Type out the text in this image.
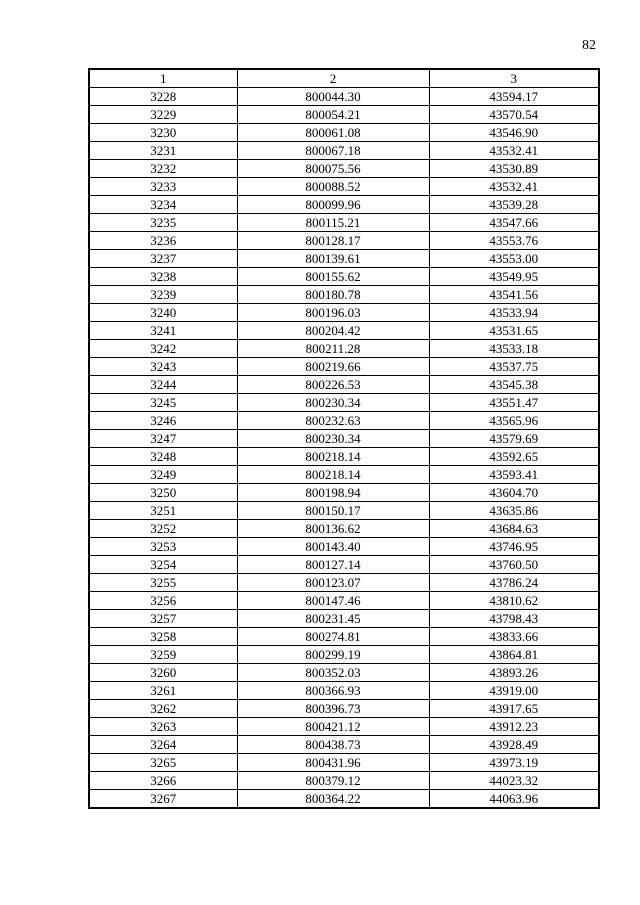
82
1	2	3
3228	800044.30	43594.17
3229	800054.21	43570.54
3230	800061.08	43546.90
3231	800067.18	43532.41
3232	800075.56	43530.89
3233	800088.52	43532.41
3234	800099.96	43539.28
3235	800115.21	43547.66
3236	800128.17	43553.76
3237	800139.61	43553.00
3238	800155.62	43549.95
3239	800180.78	43541.56
3240	800196.03	43533.94
3241	800204.42	43531.65
3242	800211.28	43533.18
3243	800219.66	43537.75
3244	800226.53	43545.38
3245	800230.34	43551.47
3246	800232.63	43565.96
3247	800230.34	43579.69
3248	800218.14	43592.65
3249	800218.14	43593.41
3250	800198.94	43604.70
3251	800150.17	43635.86
3252	800136.62	43684.63
3253	800143.40	43746.95
3254	800127.14	43760.50
3255	800123.07	43786.24
3256	800147.46	43810.62
3257	800231.45	43798.43
3258	800274.81	43833.66
3259	800299.19	43864.81
3260	800352.03	43893.26
3261	800366.93	43919.00
3262	800396.73	43917.65
3263	800421.12	43912.23
3264	800438.73	43928.49
3265	800431.96	43973.19
3266	800379.12	44023.32
3267	800364.22	44063.96
